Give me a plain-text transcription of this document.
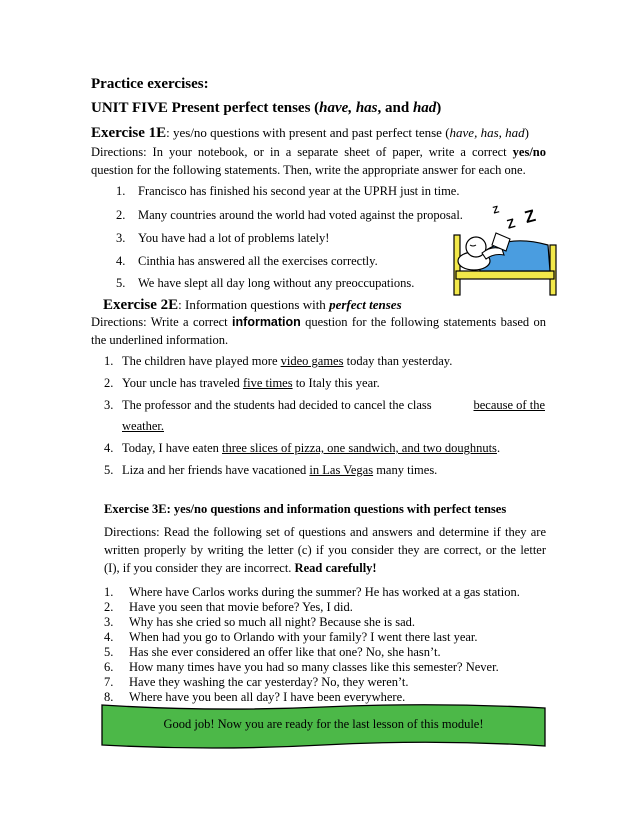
Practice exercises:
UNIT FIVE Present perfect tenses (have, has, and had)
Exercise 1E: yes/no questions with present and past perfect tense (have, has, had)
Directions: In your notebook, or in a separate sheet of paper, write a correct yes/no
question for the following statements. Then, write the appropriate answer for each one.
1. Francisco has finished his second year at the UPRH just in time.
2. Many countries around the world had voted against the proposal.
3. You have had a lot of problems lately!
4. Cinthia has answered all the exercises correctly.
5. We have slept all day long without any preoccupations.
Z
Z Z
Exercise 2E: Information questions with perfect tenses
Directions: Write a correct information question for the following statements based on
the underlined information.
1. The children have played more video games today than yesterday.
2. Your uncle has traveled five times to Italy this year.
3. The professor and the students had decided to cancel the class	because of the
weather.
4. Today, I have eaten three slices of pizza, one sandwich, and two doughnuts.
5. Liza and her friends have vacationed in Las Vegas many times.
Exercise 3E: yes/no questions and information questions with perfect tenses
Directions: Read the following set of questions and answers and determine if they are
written properly by writing the letter (c) if you consider they are correct, or the letter
(I), if you consider they are incorrect. Read carefully!
1. Where have Carlos works during the summer? He has worked at a gas station.
2. Have you seen that movie before? Yes, I did.
3. Why has she cried so much all night? Because she is sad.
4. When had you go to Orlando with your family? I went there last year.
5. Has she ever considered an offer like that one? No, she hasn’t.
6. How many times have you had so many classes like this semester? Never.
7. Have they washing the car yesterday? No, they weren’t.
8. Where have you been all day? I have been everywhere.
Good job! Now you are ready for the last lesson of this module!
